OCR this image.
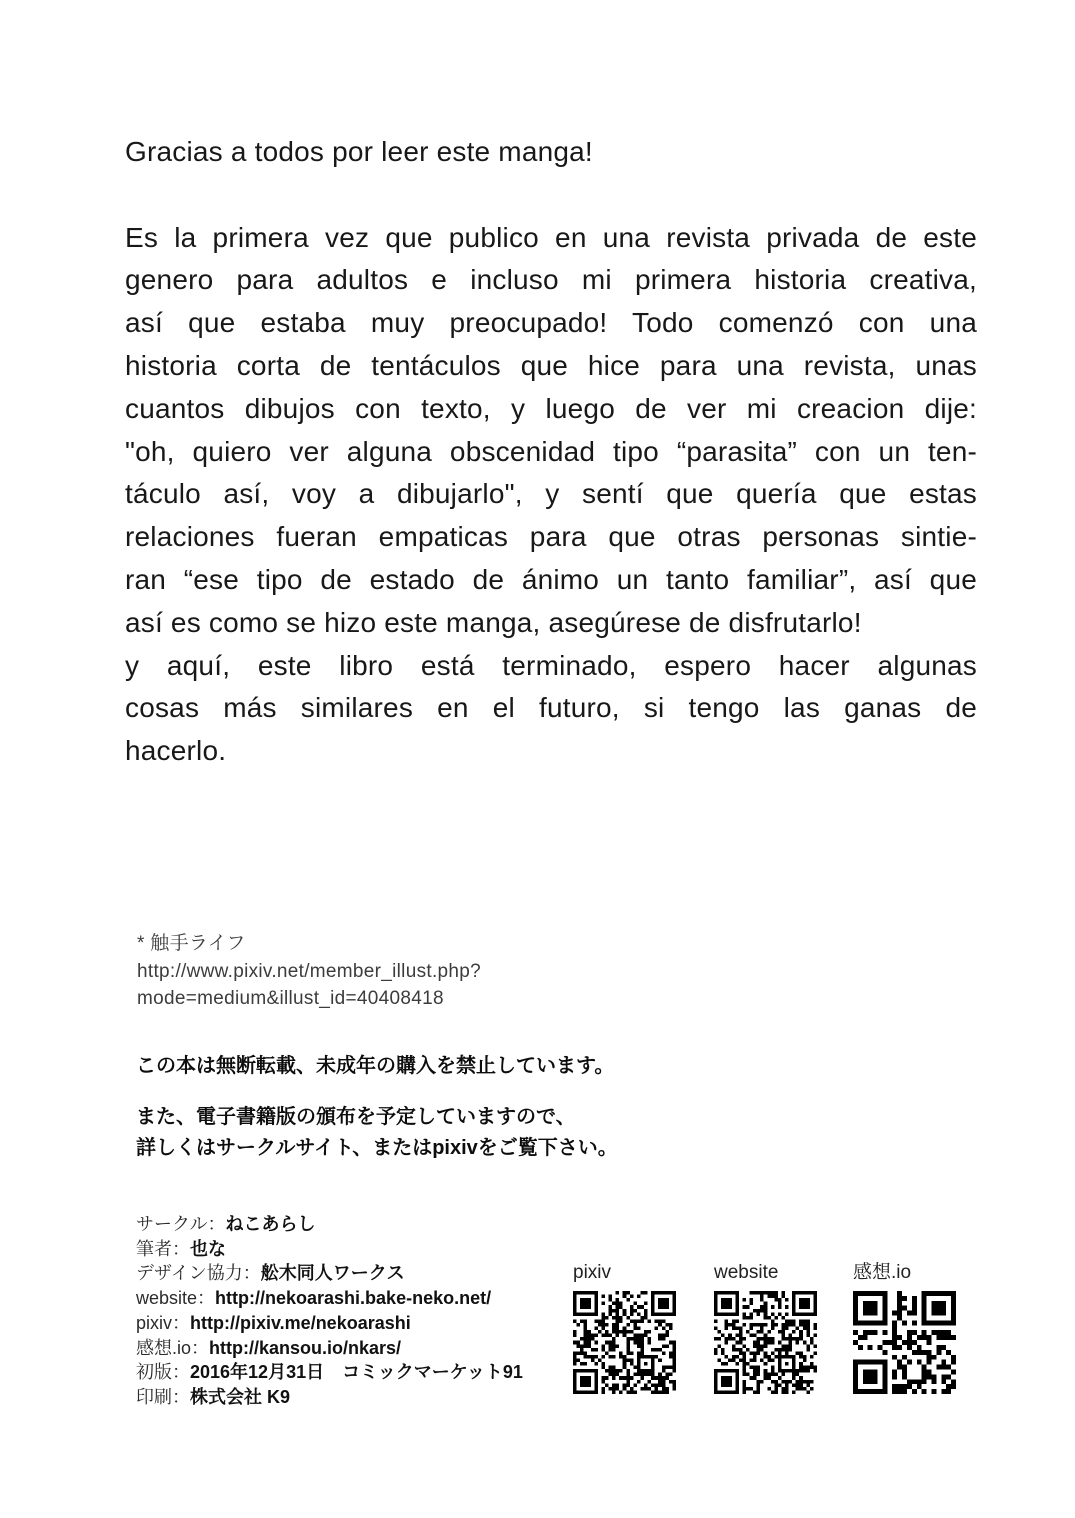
Gracias a todos por leer este manga!
Es la primera vez que publico en una revista privada de este
genero para adultos e incluso mi primera historia creativa,
así que estaba muy preocupado! Todo comenzó con una
historia corta de tentáculos que hice para una revista, unas
cuantos dibujos con texto, y luego de ver mi creacion dije:
"oh, quiero ver alguna obscenidad tipo “parasita” con un ten-
táculo así, voy a dibujarlo", y sentí que quería que estas
relaciones fueran empaticas para que otras personas sintie-
ran “ese tipo de estado de ánimo un tanto familiar”, así que
así es como se hizo este manga, asegúrese de disfrutarlo!
y aquí, este libro está terminado, espero hacer algunas
cosas más similares en el futuro, si tengo las ganas de
hacerlo.
* 触手ライフ
http://www.pixiv.net/member_illust.php?
mode=medium&illust_id=40408418
この本は無断転載、未成年の購入を禁止しています。
また、電子書籍版の頒布を予定していますので、
詳しくはサークルサイト、またはpixivをご覧下さい。
サークル：ねこあらし
筆者：也な
デザイン協力：舩木同人ワークス
website：http://nekoarashi.bake-neko.net/
pixiv：http://pixiv.me/nekoarashi
感想.io：http://kansou.io/nkars/
初版：2016年12月31日　コミックマーケット91
印刷：株式会社 K9
pixiv	website	感想.io
